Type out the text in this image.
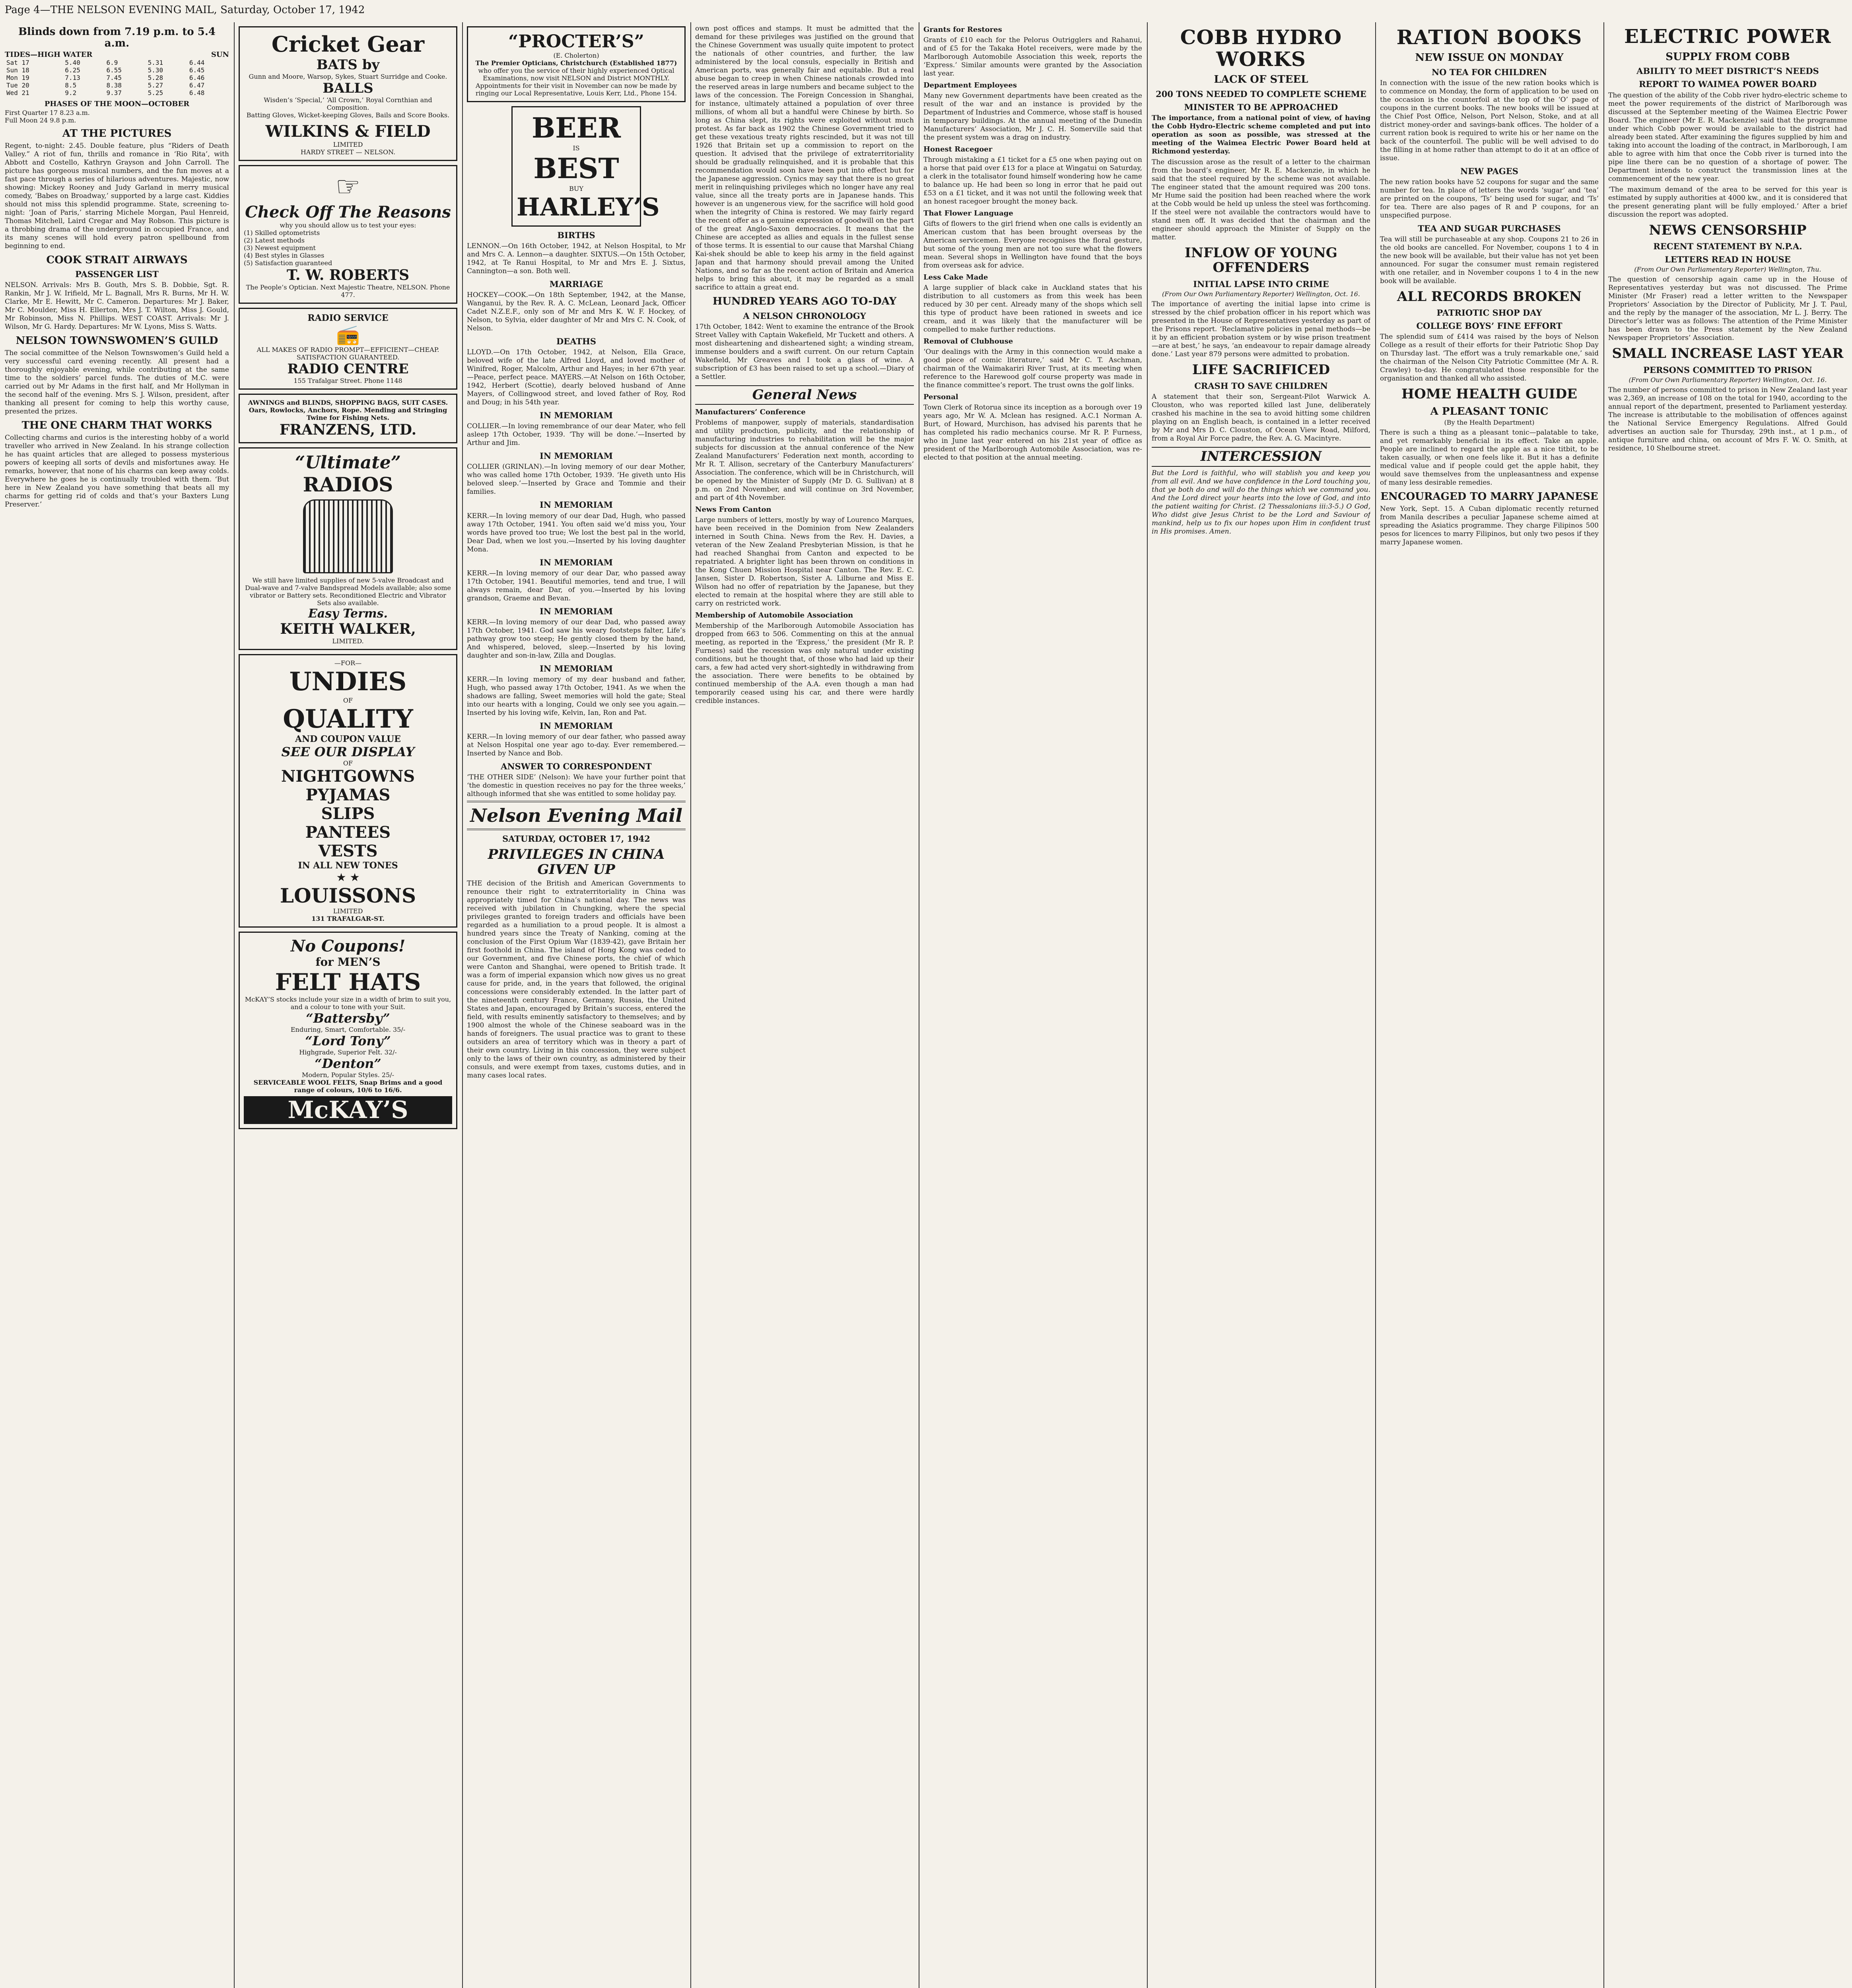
Page 4—THE NELSON EVENING MAIL, Saturday, October 17, 1942
Blinds down from 7.19 p.m. to 5.4 a.m.
TIDES—HIGH WATER	SUN
Sat 17	5.40	6.9	5.31	6.44
Sun 18	6.25	6.55	5.30	6.45
Mon 19	7.13	7.45	5.28	6.46
Tue 20	8.5	8.38	5.27	6.47
Wed 21	9.2	9.37	5.25	6.48
PHASES OF THE MOON—OCTOBER
First Quarter 17 8.23 a.m.
Full Moon 24 9.8 p.m.
AT THE PICTURES

Regent, to-night: 2.45. Double feature, plus “Riders of Death Valley.” A riot of fun, thrills and romance in ‘Rio Rita’, with Abbott and Costello, Kathryn Grayson and John Carroll. The picture has gorgeous musical numbers, and the fun moves at a fast pace through a series of hilarious adventures. Majestic, now showing: Mickey Rooney and Judy Garland in merry musical comedy, ‘Babes on Broadway,’ supported by a large cast. Kiddies should not miss this splendid programme. State, screening to-night: ‘Joan of Paris,’ starring Michele Morgan, Paul Henreid, Thomas Mitchell, Laird Cregar and May Robson. This picture is a throbbing drama of the underground in occupied France, and its many scenes will hold every patron spellbound from beginning to end.

COOK STRAIT AIRWAYS
PASSENGER LIST

NELSON. Arrivals: Mrs B. Gouth, Mrs S. B. Dobbie, Sgt. R. Rankin, Mr J. W. Irifield, Mr L. Bagnall, Mrs R. Burns, Mr H. W. Clarke, Mr E. Hewitt, Mr C. Cameron. Departures: Mr J. Baker, Mr C. Moulder, Miss H. Ellerton, Mrs J. T. Wilton, Miss J. Gould, Mr Robinson, Miss N. Phillips. WEST COAST. Arrivals: Mr J. Wilson, Mr G. Hardy. Departures: Mr W. Lyons, Miss S. Watts.

NELSON TOWNSWOMEN’S GUILD

The social committee of the Nelson Townswomen’s Guild held a very successful card evening recently. All present had a thoroughly enjoyable evening, while contributing at the same time to the soldiers’ parcel funds. The duties of M.C. were carried out by Mr Adams in the first half, and Mr Hollyman in the second half of the evening. Mrs S. J. Wilson, president, after thanking all present for coming to help this worthy cause, presented the prizes.

THE ONE CHARM THAT WORKS

Collecting charms and curios is the interesting hobby of a world traveller who arrived in New Zealand. In his strange collection he has quaint articles that are alleged to possess mysterious powers of keeping all sorts of devils and misfortunes away. He remarks, however, that none of his charms can keep away colds. Everywhere he goes he is continually troubled with them. ‘But here in New Zealand you have something that beats all my charms for getting rid of colds and that’s your Baxters Lung Preserver.’

Cricket Gear
BATS by
Gunn and Moore, Warsop, Sykes, Stuart Surridge and Cooke.
BALLS
Wisden’s ‘Special,’ ‘All Crown,’ Royal Cornthian and Composition.
Batting Gloves, Wicket-keeping Gloves, Bails and Score Books.
WILKINS & FIELD
LIMITED
HARDY STREET — NELSON.
☞
Check Off The Reasons
why you should allow us to test your eyes:
(1) Skilled optometrists
(2) Latest methods
(3) Newest equipment
(4) Best styles in Glasses
(5) Satisfaction guaranteed
T. W. ROBERTS
The People’s Optician. Next Majestic Theatre, NELSON. Phone 477.
RADIO SERVICE
📻
ALL MAKES OF RADIO PROMPT—EFFICIENT—CHEAP. SATISFACTION GUARANTEED.
RADIO CENTRE
155 Trafalgar Street. Phone 1148
AWNINGS and BLINDS, SHOPPING BAGS, SUIT CASES. Oars, Rowlocks, Anchors, Rope. Mending and Stringing Twine for Fishing Nets.
FRANZENS, LTD.
“Ultimate”
RADIOS
We still have limited supplies of new 5-valve Broadcast and Dual-wave and 7-valve Bandspread Models available; also some vibrator or Battery sets. Reconditioned Electric and Vibrator Sets also available.
Easy Terms.
KEITH WALKER,
LIMITED.
—FOR—
UNDIES
OF
QUALITY
AND COUPON VALUE
SEE OUR DISPLAY
OF
NIGHTGOWNS
PYJAMAS
SLIPS
PANTEES
VESTS
IN ALL NEW TONES
★ ★
LOUISSONS
LIMITED
131 TRAFALGAR-ST.
No Coupons!
for MEN’S
FELT HATS
McKAY’S stocks include your size in a width of brim to suit you, and a colour to tone with your Suit.
“Battersby”
Enduring, Smart, Comfortable. 35/-
“Lord Tony”
Highgrade, Superior Felt. 32/-
“Denton”
Modern, Popular Styles. 25/-
SERVICEABLE WOOL FELTS, Snap Brims and a good range of colours, 10/6 to 16/6.
McKAY’S
“PROCTER’S”
(E. Cholerton)
The Premier Opticians, Christchurch (Established 1877)
who offer you the service of their highly experienced Optical Examinations, now visit NELSON and District MONTHLY. Appointments for their visit in November can now be made by ringing our Local Representative, Louis Kerr, Ltd., Phone 154.
BEER
IS
BEST
BUY
HARLEY’S
BIRTHS

LENNON.—On 16th October, 1942, at Nelson Hospital, to Mr and Mrs C. A. Lennon—a daughter. SIXTUS.—On 15th October, 1942, at Te Ranui Hospital, to Mr and Mrs E. J. Sixtus, Cannington—a son. Both well.

MARRIAGE

HOCKEY—COOK.—On 18th September, 1942, at the Manse, Wanganui, by the Rev. R. A. C. McLean, Leonard Jack, Officer Cadet N.Z.E.F., only son of Mr and Mrs K. W. F. Hockey, of Nelson, to Sylvia, elder daughter of Mr and Mrs C. N. Cook, of Nelson.

DEATHS

LLOYD.—On 17th October, 1942, at Nelson, Ella Grace, beloved wife of the late Alfred Lloyd, and loved mother of Winifred, Roger, Malcolm, Arthur and Hayes; in her 67th year.—Peace, perfect peace. MAYERS.—At Nelson on 16th October, 1942, Herbert (Scottie), dearly beloved husband of Anne Mayers, of Collingwood street, and loved father of Roy, Rod and Doug; in his 54th year.

IN MEMORIAM

COLLIER.—In loving remembrance of our dear Mater, who fell asleep 17th October, 1939. ‘Thy will be done.’—Inserted by Arthur and Jim.

IN MEMORIAM

COLLIER (GRINLAN).—In loving memory of our dear Mother, who was called home 17th October, 1939. ‘He giveth unto His beloved sleep.’—Inserted by Grace and Tommie and their families.

IN MEMORIAM

KERR.—In loving memory of our dear Dad, Hugh, who passed away 17th October, 1941. You often said we’d miss you, Your words have proved too true; We lost the best pal in the world, Dear Dad, when we lost you.—Inserted by his loving daughter Mona.

IN MEMORIAM

KERR.—In loving memory of our dear Dar, who passed away 17th October, 1941. Beautiful memories, tend and true, I will always remain, dear Dar, of you.—Inserted by his loving grandson, Graeme and Bevan.

IN MEMORIAM

KERR.—In loving memory of our dear Dad, who passed away 17th October, 1941. God saw his weary footsteps falter, Life’s pathway grow too steep; He gently closed them by the hand, And whispered, beloved, sleep.—Inserted by his loving daughter and son-in-law, Zilla and Douglas.

IN MEMORIAM

KERR.—In loving memory of my dear husband and father, Hugh, who passed away 17th October, 1941. As we when the shadows are falling, Sweet memories will hold the gate; Steal into our hearts with a longing, Could we only see you again.—Inserted by his loving wife, Kelvin, Ian, Ron and Pat.

IN MEMORIAM

KERR.—In loving memory of our dear father, who passed away at Nelson Hospital one year ago to-day. Ever remembered.—Inserted by Nance and Bob.

ANSWER TO CORRESPONDENT

‘THE OTHER SIDE’ (Nelson): We have your further point that ‘the domestic in question receives no pay for the three weeks,’ although informed that she was entitled to some holiday pay.

Nelson Evening Mail
SATURDAY, OCTOBER 17, 1942
PRIVILEGES IN CHINA GIVEN UP

THE decision of the British and American Governments to renounce their right to extraterritoriality in China was appropriately timed for China’s national day. The news was received with jubilation in Chungking, where the special privileges granted to foreign traders and officials have been regarded as a humiliation to a proud people. It is almost a hundred years since the Treaty of Nanking, coming at the conclusion of the First Opium War (1839-42), gave Britain her first foothold in China. The island of Hong Kong was ceded to our Government, and five Chinese ports, the chief of which were Canton and Shanghai, were opened to British trade. It was a form of imperial expansion which now gives us no great cause for pride, and, in the years that followed, the original concessions were considerably extended. In the latter part of the nineteenth century France, Germany, Russia, the United States and Japan, encouraged by Britain’s success, entered the field, with results eminently satisfactory to themselves; and by 1900 almost the whole of the Chinese seaboard was in the hands of foreigners. The usual practice was to grant to these outsiders an area of territory which was in theory a part of their own country. Living in this concession, they were subject only to the laws of their own country, as administered by their consuls, and were exempt from taxes, customs duties, and in many cases local rates.

own post offices and stamps. It must be admitted that the demand for these privileges was justified on the ground that the Chinese Government was usually quite impotent to protect the nationals of other countries, and further, the law administered by the local consuls, especially in British and American ports, was generally fair and equitable. But a real abuse began to creep in when Chinese nationals crowded into the reserved areas in large numbers and became subject to the laws of the concession. The Foreign Concession in Shanghai, for instance, ultimately attained a population of over three millions, of whom all but a handful were Chinese by birth. So long as China slept, its rights were exploited without much protest. As far back as 1902 the Chinese Government tried to get these vexatious treaty rights rescinded, but it was not till 1926 that Britain set up a commission to report on the question. It advised that the privilege of extraterritoriality should be gradually relinquished, and it is probable that this recommendation would soon have been put into effect but for the Japanese aggression. Cynics may say that there is no great merit in relinquishing privileges which no longer have any real value, since all the treaty ports are in Japanese hands. This however is an ungenerous view, for the sacrifice will hold good when the integrity of China is restored. We may fairly regard the recent offer as a genuine expression of goodwill on the part of the great Anglo-Saxon democracies. It means that the Chinese are accepted as allies and equals in the fullest sense of those terms. It is essential to our cause that Marshal Chiang Kai-shek should be able to keep his army in the field against Japan and that harmony should prevail among the United Nations, and so far as the recent action of Britain and America helps to bring this about, it may be regarded as a small sacrifice to attain a great end.

HUNDRED YEARS AGO TO-DAY
A NELSON CHRONOLOGY

17th October, 1842: Went to examine the entrance of the Brook Street Valley with Captain Wakefield, Mr Tuckett and others. A most disheartening and disheartened sight; a winding stream, immense boulders and a swift current. On our return Captain Wakefield, Mr Greaves and I took a glass of wine. A subscription of £3 has been raised to set up a school.—Diary of a Settler.

General News
Manufacturers’ Conference

Problems of manpower, supply of materials, standardisation and utility production, publicity, and the relationship of manufacturing industries to rehabilitation will be the major subjects for discussion at the annual conference of the New Zealand Manufacturers’ Federation next month, according to Mr R. T. Allison, secretary of the Canterbury Manufacturers’ Association. The conference, which will be in Christchurch, will be opened by the Minister of Supply (Mr D. G. Sullivan) at 8 p.m. on 2nd November, and will continue on 3rd November, and part of 4th November.

News From Canton

Large numbers of letters, mostly by way of Lourenco Marques, have been received in the Dominion from New Zealanders interned in South China. News from the Rev. H. Davies, a veteran of the New Zealand Presbyterian Mission, is that he had reached Shanghai from Canton and expected to be repatriated. A brighter light has been thrown on conditions in the Kong Chuen Mission Hospital near Canton. The Rev. E. C. Jansen, Sister D. Robertson, Sister A. Lilburne and Miss E. Wilson had no offer of repatriation by the Japanese, but they elected to remain at the hospital where they are still able to carry on restricted work.

Membership of Automobile Association

Membership of the Marlborough Automobile Association has dropped from 663 to 506. Commenting on this at the annual meeting, as reported in the ‘Express,’ the president (Mr R. P. Furness) said the recession was only natural under existing conditions, but he thought that, of those who had laid up their cars, a few had acted very short-sightedly in withdrawing from the association. There were benefits to be obtained by continued membership of the A.A. even though a man had temporarily ceased using his car, and there were hardly credible instances.

Grants for Restores

Grants of £10 each for the Pelorus Outrigglers and Rahanui, and of £5 for the Takaka Hotel receivers, were made by the Marlborough Automobile Association this week, reports the ‘Express.’ Similar amounts were granted by the Association last year.

Department Employees

Many new Government departments have been created as the result of the war and an instance is provided by the Department of Industries and Commerce, whose staff is housed in temporary buildings. At the annual meeting of the Dunedin Manufacturers’ Association, Mr J. C. H. Somerville said that the present system was a drag on industry.

Honest Racegoer

Through mistaking a £1 ticket for a £5 one when paying out on a horse that paid over £13 for a place at Wingatui on Saturday, a clerk in the totalisator found himself wondering how he came to balance up. He had been so long in error that he paid out £53 on a £1 ticket, and it was not until the following week that an honest racegoer brought the money back.

That Flower Language

Gifts of flowers to the girl friend when one calls is evidently an American custom that has been brought overseas by the American servicemen. Everyone recognises the floral gesture, but some of the young men are not too sure what the flowers mean. Several shops in Wellington have found that the boys from overseas ask for advice.

Less Cake Made

A large supplier of black cake in Auckland states that his distribution to all customers as from this week has been reduced by 30 per cent. Already many of the shops which sell this type of product have been rationed in sweets and ice cream, and it was likely that the manufacturer will be compelled to make further reductions.

Removal of Clubhouse

‘Our dealings with the Army in this connection would make a good piece of comic literature,’ said Mr C. T. Aschman, chairman of the Waimakariri River Trust, at its meeting when reference to the Harewood golf course property was made in the finance committee’s report. The trust owns the golf links.

Personal

Town Clerk of Rotorua since its inception as a borough over 19 years ago, Mr W. A. Mclean has resigned. A.C.1 Norman A. Burt, of Howard, Murchison, has advised his parents that he has completed his radio mechanics course. Mr R. P. Furness, who in June last year entered on his 21st year of office as president of the Marlborough Automobile Association, was re-elected to that position at the annual meeting.

COBB HYDRO WORKS
LACK OF STEEL
200 TONS NEEDED TO COMPLETE SCHEME
MINISTER TO BE APPROACHED

The importance, from a national point of view, of having the Cobb Hydro-Electric scheme completed and put into operation as soon as possible, was stressed at the meeting of the Waimea Electric Power Board held at Richmond yesterday.

The discussion arose as the result of a letter to the chairman from the board’s engineer, Mr R. E. Mackenzie, in which he said that the steel required by the scheme was not available. The engineer stated that the amount required was 200 tons. Mr Hume said the position had been reached where the work at the Cobb would be held up unless the steel was forthcoming. If the steel were not available the contractors would have to stand men off. It was decided that the chairman and the engineer should approach the Minister of Supply on the matter.

INFLOW OF YOUNG OFFENDERS
INITIAL LAPSE INTO CRIME
(From Our Own Parliamentary Reporter) Wellington, Oct. 16.

The importance of averting the initial lapse into crime is stressed by the chief probation officer in his report which was presented in the House of Representatives yesterday as part of the Prisons report. ‘Reclamative policies in penal methods—be it by an efficient probation system or by wise prison treatment—are at best,’ he says, ‘an endeavour to repair damage already done.’ Last year 879 persons were admitted to probation.

LIFE SACRIFICED
CRASH TO SAVE CHILDREN

A statement that their son, Sergeant-Pilot Warwick A. Clouston, who was reported killed last June, deliberately crashed his machine in the sea to avoid hitting some children playing on an English beach, is contained in a letter received by Mr and Mrs D. C. Clouston, of Ocean View Road, Milford, from a Royal Air Force padre, the Rev. A. G. Macintyre.

INTERCESSION

But the Lord is faithful, who will stablish you and keep you from all evil. And we have confidence in the Lord touching you, that ye both do and will do the things which we command you. And the Lord direct your hearts into the love of God, and into the patient waiting for Christ. (2 Thessalonians iii:3-5.) O God, Who didst give Jesus Christ to be the Lord and Saviour of mankind, help us to fix our hopes upon Him in confident trust in His promises. Amen.

RATION BOOKS
NEW ISSUE ON MONDAY
NO TEA FOR CHILDREN

In connection with the issue of the new ration books which is to commence on Monday, the form of application to be used on the occasion is the counterfoil at the top of the ‘O’ page of coupons in the current books. The new books will be issued at the Chief Post Office, Nelson, Port Nelson, Stoke, and at all district money-order and savings-bank offices. The holder of a current ration book is required to write his or her name on the back of the counterfoil. The public will be well advised to do the filling in at home rather than attempt to do it at an office of issue.

NEW PAGES

The new ration books have 52 coupons for sugar and the same number for tea. In place of letters the words ‘sugar’ and ‘tea’ are printed on the coupons, ‘Ts’ being used for sugar, and ‘Ts’ for tea. There are also pages of R and P coupons, for an unspecified purpose.

TEA AND SUGAR PURCHASES

Tea will still be purchaseable at any shop. Coupons 21 to 26 in the old books are cancelled. For November, coupons 1 to 4 in the new book will be available, but their value has not yet been announced. For sugar the consumer must remain registered with one retailer, and in November coupons 1 to 4 in the new book will be available.

ALL RECORDS BROKEN
PATRIOTIC SHOP DAY
COLLEGE BOYS’ FINE EFFORT

The splendid sum of £414 was raised by the boys of Nelson College as a result of their efforts for their Patriotic Shop Day on Thursday last. ‘The effort was a truly remarkable one,’ said the chairman of the Nelson City Patriotic Committee (Mr A. R. Crawley) to-day. He congratulated those responsible for the organisation and thanked all who assisted.

HOME HEALTH GUIDE
A PLEASANT TONIC
(By the Health Department)

There is such a thing as a pleasant tonic—palatable to take, and yet remarkably beneficial in its effect. Take an apple. People are inclined to regard the apple as a nice titbit, to be taken casually, or when one feels like it. But it has a definite medical value and if people could get the apple habit, they would save themselves from the unpleasantness and expense of many less desirable remedies.

ENCOURAGED TO MARRY JAPANESE

New York, Sept. 15. A Cuban diplomatic recently returned from Manila describes a peculiar Japanese scheme aimed at spreading the Asiatics programme. They charge Filipinos 500 pesos for licences to marry Filipinos, but only two pesos if they marry Japanese women.

ELECTRIC POWER
SUPPLY FROM COBB
ABILITY TO MEET DISTRICT’S NEEDS
REPORT TO WAIMEA POWER BOARD

The question of the ability of the Cobb river hydro-electric scheme to meet the power requirements of the district of Marlborough was discussed at the September meeting of the Waimea Electric Power Board. The engineer (Mr E. R. Mackenzie) said that the programme under which Cobb power would be available to the district had already been stated. After examining the figures supplied by him and taking into account the loading of the contract, in Marlborough, I am able to agree with him that once the Cobb river is turned into the pipe line there can be no question of a shortage of power. The Department intends to construct the transmission lines at the commencement of the new year.

‘The maximum demand of the area to be served for this year is estimated by supply authorities at 4000 kw., and it is considered that the present generating plant will be fully employed.’ After a brief discussion the report was adopted.

NEWS CENSORSHIP
RECENT STATEMENT BY N.P.A.
LETTERS READ IN HOUSE
(From Our Own Parliamentary Reporter) Wellington, Thu.

The question of censorship again came up in the House of Representatives yesterday but was not discussed. The Prime Minister (Mr Fraser) read a letter written to the Newspaper Proprietors’ Association by the Director of Publicity, Mr J. T. Paul, and the reply by the manager of the association, Mr L. J. Berry. The Director’s letter was as follows: The attention of the Prime Minister has been drawn to the Press statement by the New Zealand Newspaper Proprietors’ Association.

SMALL INCREASE LAST YEAR
PERSONS COMMITTED TO PRISON
(From Our Own Parliamentary Reporter) Wellington, Oct. 16.

The number of persons committed to prison in New Zealand last year was 2,369, an increase of 108 on the total for 1940, according to the annual report of the department, presented to Parliament yesterday. The increase is attributable to the mobilisation of offences against the National Service Emergency Regulations. Alfred Gould advertises an auction sale for Thursday, 29th inst., at 1 p.m., of antique furniture and china, on account of Mrs F. W. O. Smith, at residence, 10 Shelbourne street.
